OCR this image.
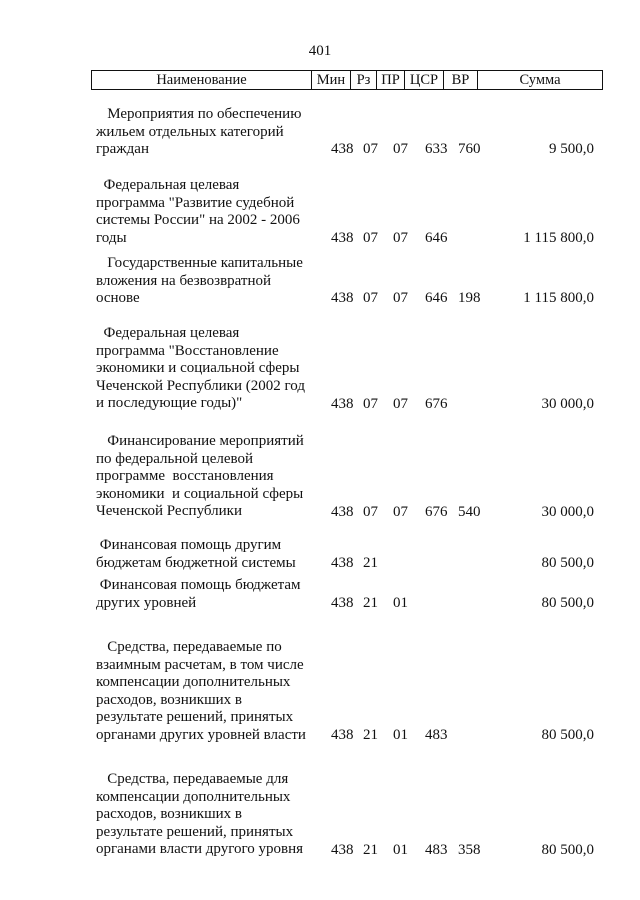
401
Наименование	Мин Рз ПР ЦСР ВР	Сумма
Мероприятия по обеспечению
жильем отдельных категорий
граждан	438 07 07 633 760	9 500,0
Федеральная целевая
программа "Развитие судебной
системы России" на 2002 - 2006
годы	438 07 07 646	1 115 800,0
Государственные капитальные
вложения на безвозвратной
основе	438 07 07 646 198	1 115 800,0
Федеральная целевая
программа "Восстановление
экономики и социальной сферы
Чеченской Республики (2002 год
и последующие годы)"	438 07 07 676	30 000,0
Финансирование мероприятий
по федеральной целевой
программе  восстановления
экономики  и социальной сферы
Чеченской Республики	438 07 07 676 540	30 000,0
Финансовая помощь другим
бюджетам бюджетной системы	438 21	80 500,0
Финансовая помощь бюджетам
других уровней	438 21 01	80 500,0
Средства, передаваемые по
взаимным расчетам, в том числе
компенсации дополнительных
расходов, возникших в
результате решений, принятых
органами других уровней власти	438 21 01 483	80 500,0
Средства, передаваемые для
компенсации дополнительных
расходов, возникших в
результате решений, принятых
органами власти другого уровня	438 21 01 483 358	80 500,0
